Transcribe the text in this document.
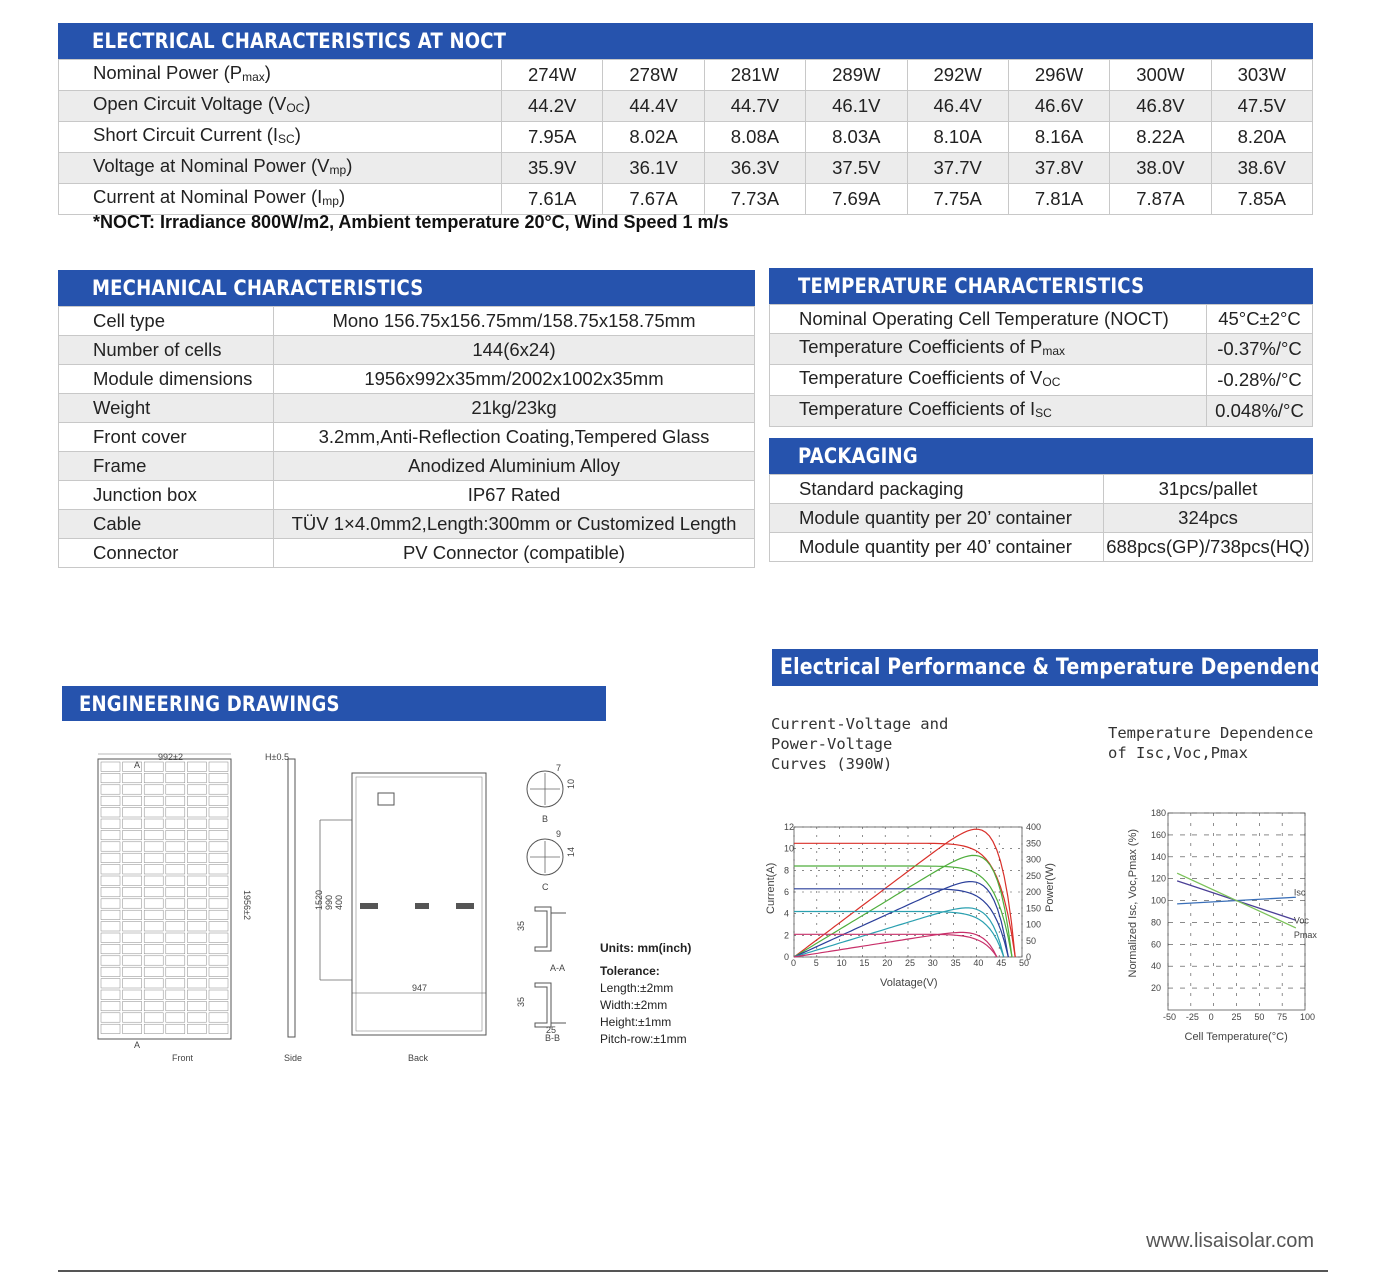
ELECTRICAL CHARACTERISTICS AT NOCT
Nominal Power $(P_{max})$	274W	278W	281W	289W	292W	296W	300W	303W
Open Circuit Voltage $(V_{OC})$	44.2V	44.4V	44.7V	46.1V	46.4V	46.6V	46.8V	47.5V
Short Circuit Current $(I_{SC})$	7.95A	8.02A	8.08A	8.03A	8.10A	8.16A	8.22A	8.20A
Voltage at Nominal Power $(V_{mp})$	35.9V	36.1V	36.3V	37.5V	37.7V	37.8V	38.0V	38.6V
Current at Nominal Power $(I_{mp})$	7.61A	7.67A	7.73A	7.69A	7.75A	7.81A	7.87A	7.85A
*NOCT: Irradiance 800W/m2, Ambient temperature 20°C, Wind Speed 1 m/s
MECHANICAL CHARACTERISTICS
Cell type	Mono 156.75x156.75mm/158.75x158.75mm
Number of cells	144(6x24)
Module dimensions	1956x992x35mm/2002x1002x35mm
Weight	21kg/23kg
Front cover	3.2mm,Anti-Reflection Coating,Tempered Glass
Frame	Anodized Aluminium Alloy
Junction box	IP67 Rated
Cable	TÜV 1×4.0mm2,Length:300mm or Customized Length
Connector	PV Connector (compatible)
TEMPERATURE CHARACTERISTICS
Nominal Operating Cell Temperature (NOCT)	45°C±2°C
Temperature Coefficients of $P_{max}$	-0.37%/°C
Temperature Coefficients of $V_{OC}$	-0.28%/°C
Temperature Coefficients of $I_{SC}$	0.048%/°C
PACKAGING
Standard packaging	31pcs/pallet
Module quantity per 20’ container	324pcs
Module quantity per 40’ container	688pcs(GP)/738pcs(HQ)
ENGINEERING DRAWINGS
992±2
A
A
1956±2
Front
H±0.5
Side
1520 990 400
947
Back
B
7
10
C
9
14
A-A
35
25
B-B
35
Units: mm(inch)
Tolerance:
Length:±2mm
Width:±2mm
Height:±1mm
Pitch-row:±1mm
Electrical Performance & Temperature Dependence
Current-Voltage and
Power-Voltage
Curves (390W)
Temperature Dependence
of Isc,Voc,Pmax
0 5 10 15 20 25 30 35 40 45 50
0
2
4
6
8
10
12
0
50
100
150
200
250
300
350
400
Volatage(V)
Current(A)	Power(W)
-50 -25 0 25 50 75 100
20
40
60
80
100
120
140
160
180
Isc
Voc
Pmax
Cell Temperature(°C)
Normalized Isc, Voc,Pmax (%)
www.lisaisolar.com
